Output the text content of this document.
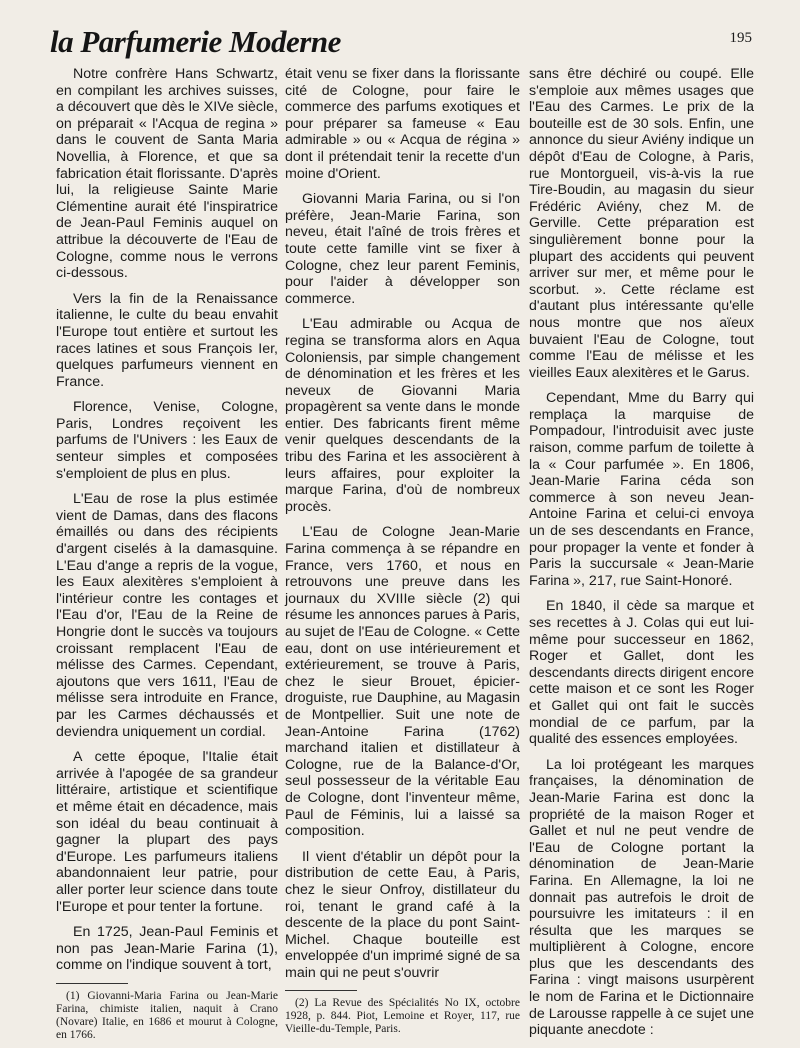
la Parfumerie Moderne	195

Notre confrère Hans Schwartz, en compilant les archives suisses, a découvert que dès le XIVe siècle, on préparait « l'Acqua de regina » dans le couvent de Santa Maria Novellia, à Florence, et que sa fabrication était florissante. D'après lui, la religieuse Sainte Marie Clémentine aurait été l'inspiratrice de Jean-Paul Feminis auquel on attribue la découverte de l'Eau de Cologne, comme nous le verrons ci-dessous.

Vers la fin de la Renaissance italienne, le culte du beau envahit l'Europe tout entière et surtout les races latines et sous François Ier, quelques parfumeurs viennent en France.

Florence, Venise, Cologne, Paris, Londres reçoivent les parfums de l'Univers : les Eaux de senteur simples et composées s'emploient de plus en plus.

L'Eau de rose la plus estimée vient de Damas, dans des flacons émaillés ou dans des récipients d'argent ciselés à la damasquine. L'Eau d'ange a repris de la vogue, les Eaux alexitères s'emploient à l'intérieur contre les contages et l'Eau d'or, l'Eau de la Reine de Hongrie dont le succès va toujours croissant remplacent l'Eau de mélisse des Carmes. Cependant, ajoutons que vers 1611, l'Eau de mélisse sera introduite en France, par les Carmes déchaussés et deviendra uniquement un cordial.

A cette époque, l'Italie était arrivée à l'apogée de sa grandeur littéraire, artistique et scientifique et même était en décadence, mais son idéal du beau continuait à gagner la plupart des pays d'Europe. Les parfumeurs italiens abandonnaient leur patrie, pour aller porter leur science dans toute l'Europe et pour tenter la fortune.

En 1725, Jean-Paul Feminis et non pas Jean-Marie Farina (1), comme on l'indique souvent à tort,

(1) Giovanni-Maria Farina ou Jean-Marie Farina, chimiste italien, naquit à Crano (Novare) Italie, en 1686 et mourut à Cologne, en 1766.

était venu se fixer dans la florissante cité de Cologne, pour faire le commerce des parfums exotiques et pour préparer sa fameuse « Eau admirable » ou « Acqua de régina » dont il prétendait tenir la recette d'un moine d'Orient.

Giovanni Maria Farina, ou si l'on préfère, Jean-Marie Farina, son neveu, était l'aîné de trois frères et toute cette famille vint se fixer à Cologne, chez leur parent Feminis, pour l'aider à développer son commerce.

L'Eau admirable ou Acqua de regina se transforma alors en Aqua Coloniensis, par simple changement de dénomination et les frères et les neveux de Giovanni Maria propagèrent sa vente dans le monde entier. Des fabricants firent même venir quelques descendants de la tribu des Farina et les associèrent à leurs affaires, pour exploiter la marque Farina, d'où de nombreux procès.

L'Eau de Cologne Jean-Marie Farina commença à se répandre en France, vers 1760, et nous en retrouvons une preuve dans les journaux du XVIIIe siècle (2) qui résume les annonces parues à Paris, au sujet de l'Eau de Cologne. « Cette eau, dont on use intérieurement et extérieurement, se trouve à Paris, chez le sieur Brouet, épicier-droguiste, rue Dauphine, au Magasin de Montpellier. Suit une note de Jean-Antoine Farina (1762) marchand italien et distillateur à Cologne, rue de la Balance-d'Or, seul possesseur de la véritable Eau de Cologne, dont l'inventeur même, Paul de Féminis, lui a laissé sa composition.

Il vient d'établir un dépôt pour la distribution de cette Eau, à Paris, chez le sieur Onfroy, distillateur du roi, tenant le grand café à la descente de la place du pont Saint-Michel. Chaque bouteille est enveloppée d'un imprimé signé de sa main qui ne peut s'ouvrir

(2) La Revue des Spécialités No IX, octobre 1928, p. 844. Piot, Lemoine et Royer, 117, rue Vieille-du-Temple, Paris.

sans être déchiré ou coupé. Elle s'emploie aux mêmes usages que l'Eau des Carmes. Le prix de la bouteille est de 30 sols. Enfin, une annonce du sieur Aviény indique un dépôt d'Eau de Cologne, à Paris, rue Montorgueil, vis-à-vis la rue Tire-Boudin, au magasin du sieur Frédéric Aviény, chez M. de Gerville. Cette préparation est singulièrement bonne pour la plupart des accidents qui peuvent arriver sur mer, et même pour le scorbut. ». Cette réclame est d'autant plus intéressante qu'elle nous montre que nos aïeux buvaient l'Eau de Cologne, tout comme l'Eau de mélisse et les vieilles Eaux alexitères et le Garus.

Cependant, Mme du Barry qui remplaça la marquise de Pompadour, l'introduisit avec juste raison, comme parfum de toilette à la « Cour parfumée ». En 1806, Jean-Marie Farina céda son commerce à son neveu Jean-Antoine Farina et celui-ci envoya un de ses descendants en France, pour propager la vente et fonder à Paris la succursale « Jean-Marie Farina », 217, rue Saint-Honoré.

En 1840, il cède sa marque et ses recettes à J. Colas qui eut lui-même pour successeur en 1862, Roger et Gallet, dont les descendants directs dirigent encore cette maison et ce sont les Roger et Gallet qui ont fait le succès mondial de ce parfum, par la qualité des essences employées.

La loi protégeant les marques françaises, la dénomination de Jean-Marie Farina est donc la propriété de la maison Roger et Gallet et nul ne peut vendre de l'Eau de Cologne portant la dénomination de Jean-Marie Farina. En Allemagne, la loi ne donnait pas autrefois le droit de poursuivre les imitateurs : il en résulta que les marques se multiplièrent à Cologne, encore plus que les descendants des Farina : vingt maisons usurpèrent le nom de Farina et le Dictionnaire de Larousse rappelle à ce sujet une piquante anecdote :
